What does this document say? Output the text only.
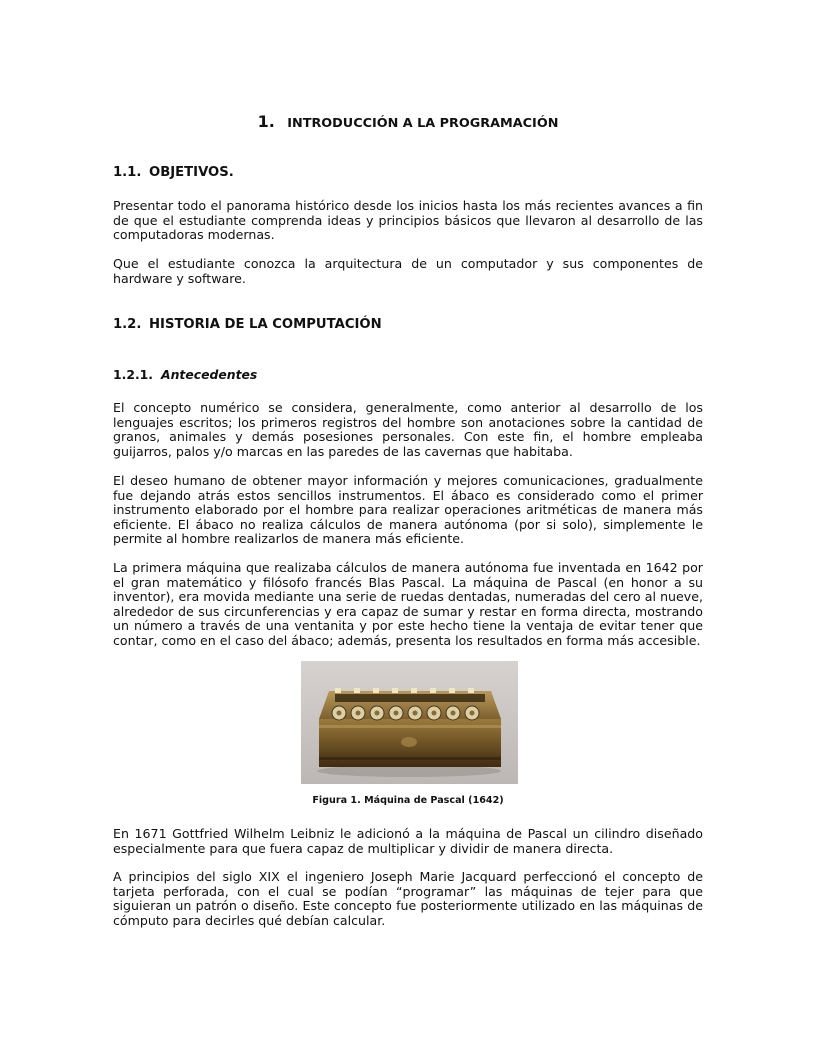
1. INTRODUCCIÓN A LA PROGRAMACIÓN
1.1. OBJETIVOS.

Presentar todo el panorama histórico desde los inicios hasta los más recientes avances a fin de que el estudiante comprenda ideas y principios básicos que llevaron al desarrollo de las computadoras modernas.

Que el estudiante conozca la arquitectura de un computador y sus componentes de hardware y software.

1.2. HISTORIA DE LA COMPUTACIÓN
1.2.1. Antecedentes

El concepto numérico se considera, generalmente, como anterior al desarrollo de los lenguajes escritos; los primeros registros del hombre son anotaciones sobre la cantidad de granos, animales y demás posesiones personales. Con este fin, el hombre empleaba guijarros, palos y/o marcas en las paredes de las cavernas que habitaba.

El deseo humano de obtener mayor información y mejores comunicaciones, gradualmente fue dejando atrás estos sencillos instrumentos. El ábaco es considerado como el primer instrumento elaborado por el hombre para realizar operaciones aritméticas de manera más eficiente. El ábaco no realiza cálculos de manera autónoma (por si solo), simplemente le permite al hombre realizarlos de manera más eficiente.

La primera máquina que realizaba cálculos de manera autónoma fue inventada en 1642 por el gran matemático y filósofo francés Blas Pascal. La máquina de Pascal (en honor a su inventor), era movida mediante una serie de ruedas dentadas, numeradas del cero al nueve, alrededor de sus circunferencias y era capaz de sumar y restar en forma directa, mostrando un número a través de una ventanita y por este hecho tiene la ventaja de evitar tener que contar, como en el caso del ábaco; además, presenta los resultados en forma más accesible.

Figura 1. Máquina de Pascal (1642)

En 1671 Gottfried Wilhelm Leibniz le adicionó a la máquina de Pascal un cilindro diseñado especialmente para que fuera capaz de multiplicar y dividir de manera directa.

A principios del siglo XIX el ingeniero Joseph Marie Jacquard perfeccionó el concepto de tarjeta perforada, con el cual se podían “programar” las máquinas de tejer para que siguieran un patrón o diseño. Este concepto fue posteriormente utilizado en las máquinas de cómputo para decirles qué debían calcular.
